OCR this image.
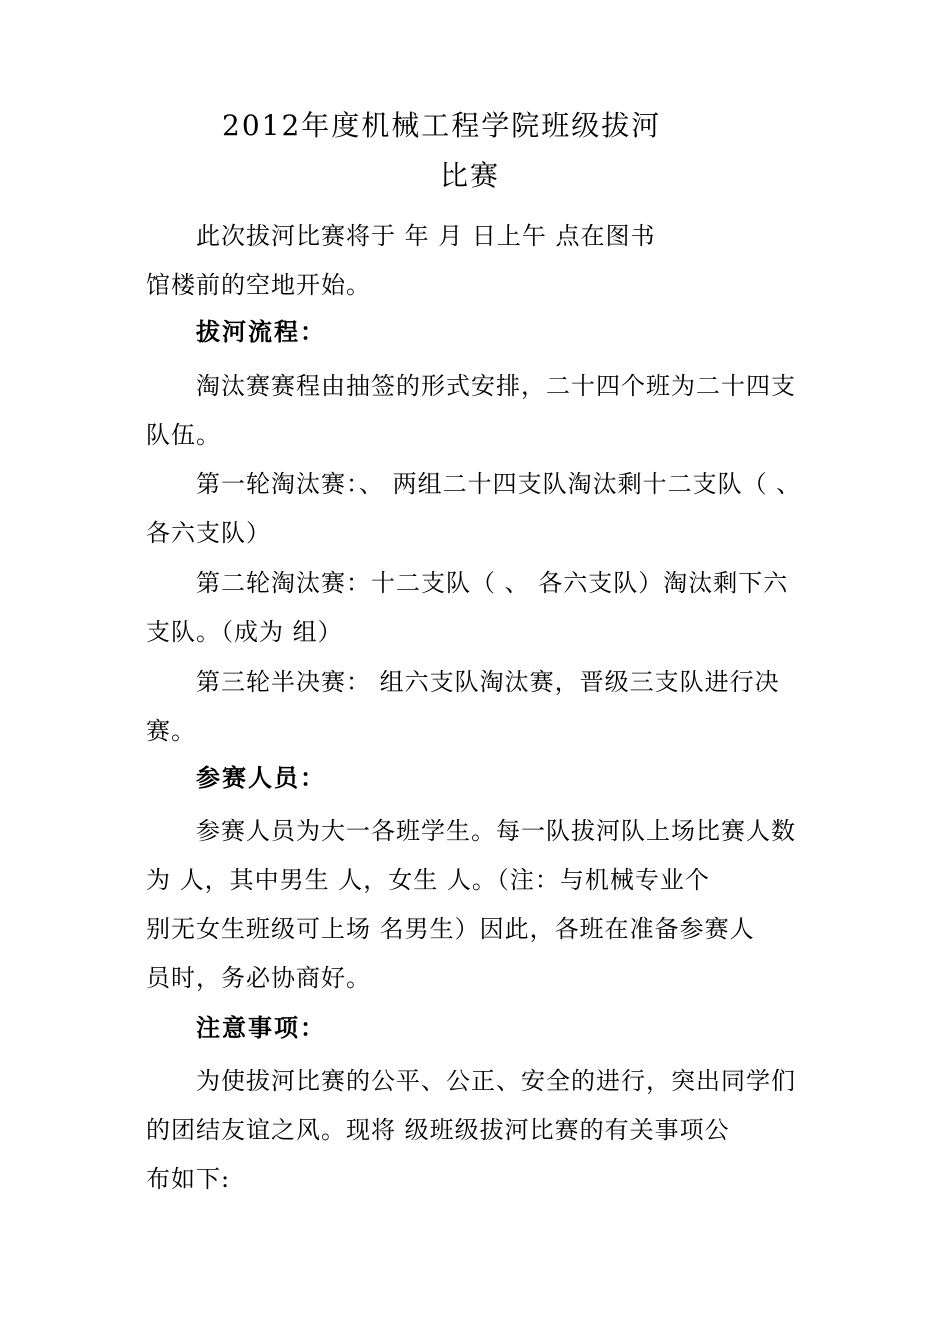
2012年度机械工程学院班级拔河
比赛
此次拔河比赛将于 年 月 日上午 点在图书
馆楼前的空地开始。
拔河流程：
淘汰赛赛程由抽签的形式安排，二十四个班为二十四支
队伍。
第一轮淘汰赛：、 两组二十四支队淘汰剩十二支队（ 、
各六支队）
第二轮淘汰赛：十二支队（ 、 各六支队）淘汰剩下六
支队。（成为 组）
第三轮半决赛： 组六支队淘汰赛，晋级三支队进行决
赛。
参赛人员：
参赛人员为大一各班学生。每一队拔河队上场比赛人数
为 人，其中男生 人，女生 人。（注：与机械专业个
别无女生班级可上场 名男生）因此，各班在准备参赛人
员时，务必协商好。
注意事项：
为使拔河比赛的公平、公正、安全的进行，突出同学们
的团结友谊之风。现将 级班级拔河比赛的有关事项公
布如下:
